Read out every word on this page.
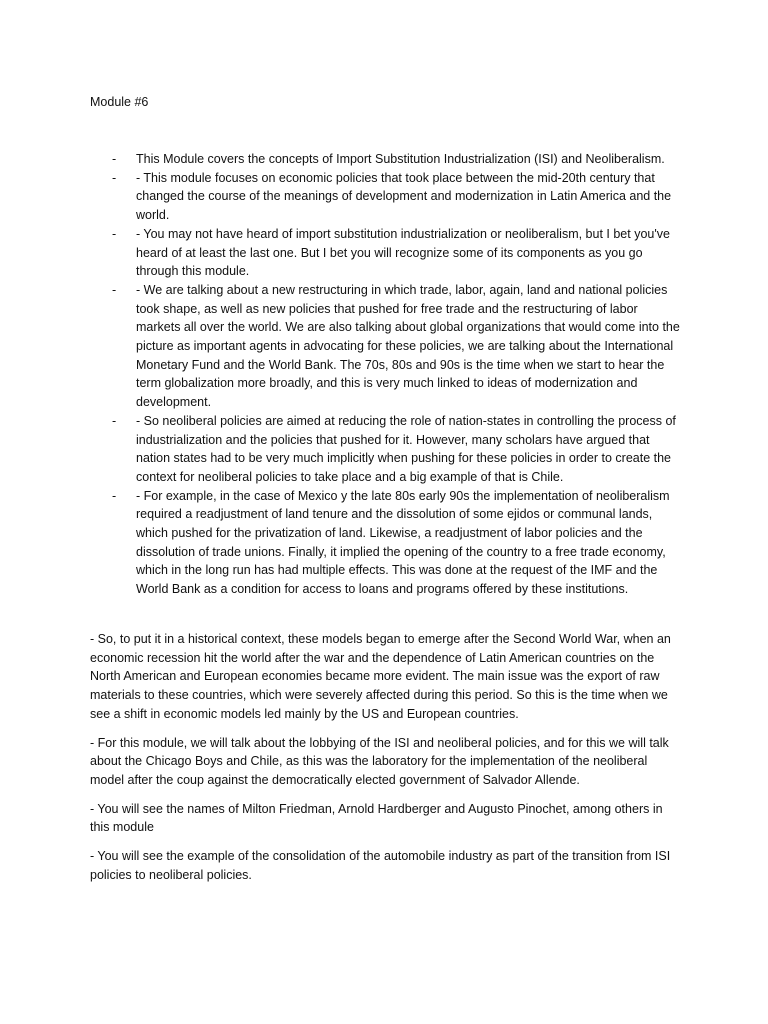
Module #6
- This Module covers the concepts of Import Substitution Industrialization (ISI) and Neoliberalism.
- - This module focuses on economic policies that took place between the mid-20th century that changed the course of the meanings of development and modernization in Latin America and the world.
- - You may not have heard of import substitution industrialization or neoliberalism, but I bet you've heard of at least the last one. But I bet you will recognize some of its components as you go through this module.
- - We are talking about a new restructuring in which trade, labor, again, land and national policies took shape, as well as new policies that pushed for free trade and the restructuring of labor markets all over the world. We are also talking about global organizations that would come into the picture as important agents in advocating for these policies, we are talking about the International Monetary Fund and the World Bank. The 70s, 80s and 90s is the time when we start to hear the term globalization more broadly, and this is very much linked to ideas of modernization and development.
- - So neoliberal policies are aimed at reducing the role of nation-states in controlling the process of industrialization and the policies that pushed for it. However, many scholars have argued that nation states had to be very much implicitly when pushing for these policies in order to create the context for neoliberal policies to take place and a big example of that is Chile.
- - For example, in the case of Mexico y the late 80s early 90s the implementation of neoliberalism required a readjustment of land tenure and the dissolution of some ejidos or communal lands, which pushed for the privatization of land. Likewise, a readjustment of labor policies and the dissolution of trade unions. Finally, it implied the opening of the country to a free trade economy, which in the long run has had multiple effects. This was done at the request of the IMF and the World Bank as a condition for access to loans and programs offered by these institutions.

- So, to put it in a historical context, these models began to emerge after the Second World War, when an economic recession hit the world after the war and the dependence of Latin American countries on the North American and European economies became more evident. The main issue was the export of raw materials to these countries, which were severely affected during this period. So this is the time when we see a shift in economic models led mainly by the US and European countries.

- For this module, we will talk about the lobbying of the ISI and neoliberal policies, and for this we will talk about the Chicago Boys and Chile, as this was the laboratory for the implementation of the neoliberal model after the coup against the democratically elected government of Salvador Allende.

- You will see the names of Milton Friedman, Arnold Hardberger and Augusto Pinochet, among others in this module

- You will see the example of the consolidation of the automobile industry as part of the transition from ISI policies to neoliberal policies.
